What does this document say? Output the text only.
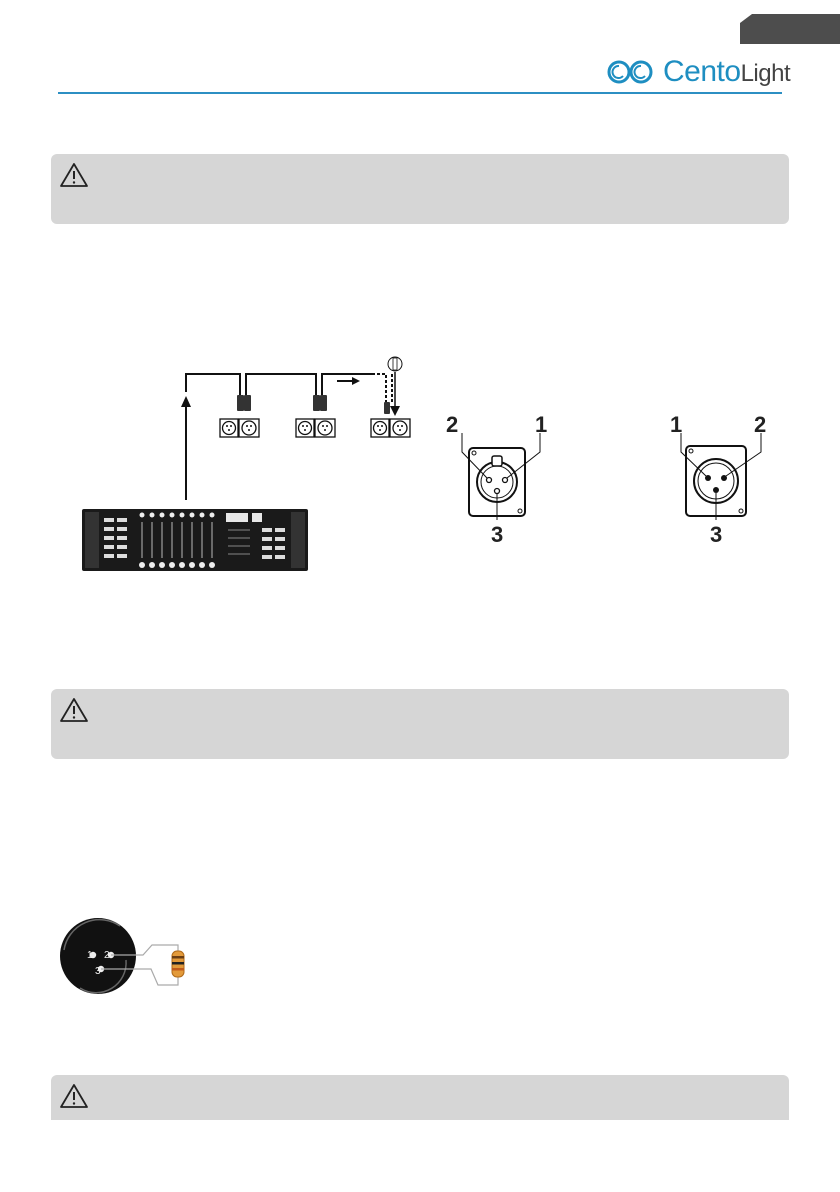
CentoLight
2	1
3
1	2
3
1 2
3
